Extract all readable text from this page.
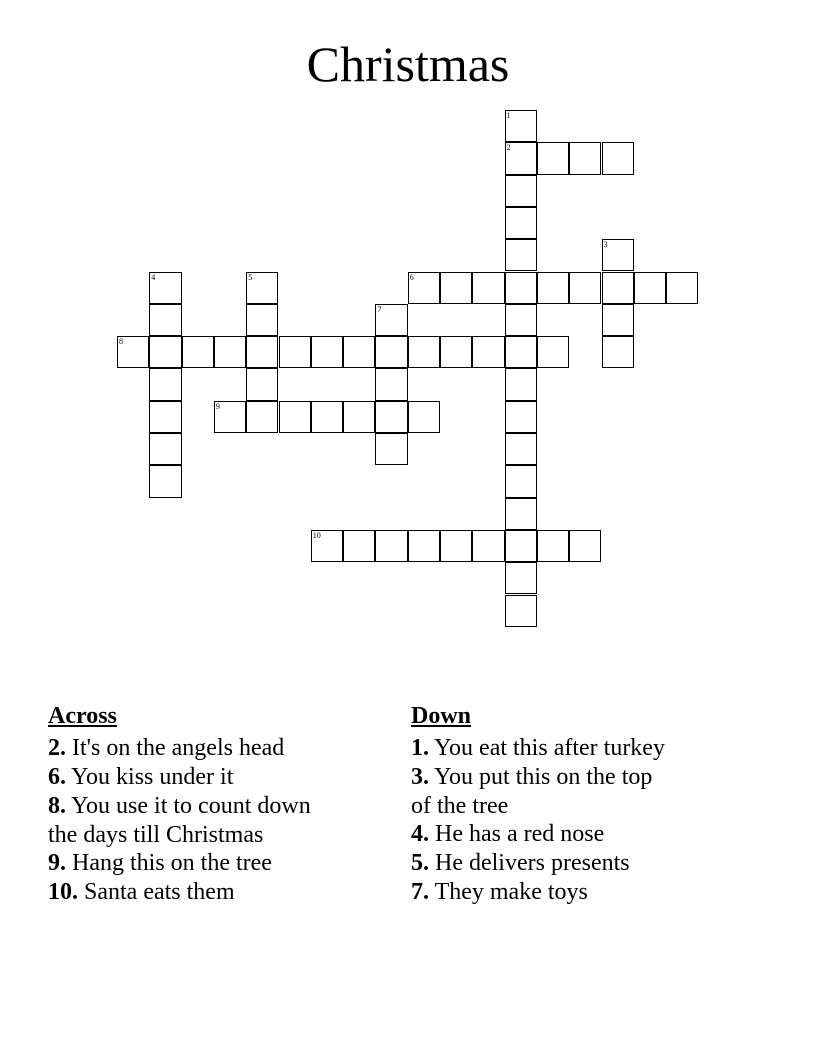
Christmas
1
2
3
4	5	6
7
8
9
10
Across
2. It's on the angels head
6. You kiss under it
8. You use it to count down
the days till Christmas
9. Hang this on the tree
10. Santa eats them
Down
1. You eat this after turkey
3. You put this on the top
of the tree
4. He has a red nose
5. He delivers presents
7. They make toys
